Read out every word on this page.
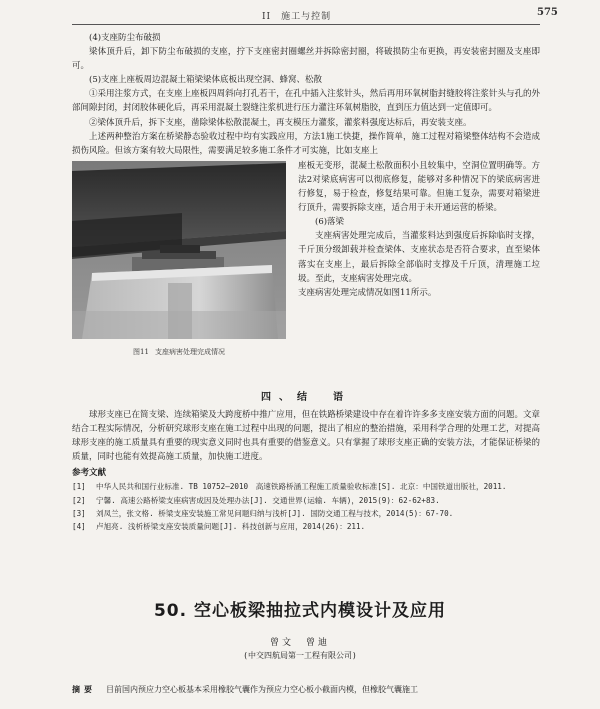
II　施工与控制	575

(4)支座防尘布破损

梁体顶升后，卸下防尘布破损的支座，拧下支座密封圈螺丝并拆除密封圈，将破损防尘布更换，再安装密封圈及支座即可。

(5)支座上座板周边混凝土箱梁梁体底板出现空洞、蜂窝、松散

①采用注浆方式，在支座上座板四周斜向打孔若干，在孔中插入注浆针头，然后再用环氧树脂封缝胶将注浆针头与孔的外部间隙封闭，封闭胶体硬化后，再采用混凝土裂缝注浆机进行压力灌注环氧树脂胶，直到压力值达到一定值即可。

②梁体顶升后，拆下支座，凿除梁体松散混凝土，再支模压力灌浆，灌浆料强度达标后，再安装支座。

上述两种整治方案在桥梁静态验收过程中均有实践应用，方法1施工快捷，操作简单，施工过程对箱梁整体结构不会造成损伤风险。但该方案有较大局限性，需要满足较多施工条件才可实施，比如支座上

图11 支座病害处理完成情况

座板无变形，混凝土松散面积小且较集中，空洞位置明确等。方法2对梁底病害可以彻底修复，能够对多种情况下的梁底病害进行修复，易于检查，修复结果可靠。但施工复杂，需要对箱梁进行顶升，需要拆除支座，适合用于未开通运营的桥梁。

(6)落梁

支座病害处理完成后，当灌浆料达到强度后拆除临时支撑，千斤顶分级卸载并检查梁体、支座状态是否符合要求，直至梁体落实在支座上，最后拆除全部临时支撑及千斤顶，清理施工垃圾。至此，支座病害处理完成。

支座病害处理完成情况如图11所示。

四、结　语

球形支座已在简支梁、连续箱梁及大跨度桥中推广应用，但在铁路桥梁建设中存在着许许多多支座安装方面的问题。文章结合工程实际情况，分析研究球形支座在施工过程中出现的问题，提出了相应的整治措施，采用科学合理的处理工艺，对提高球形支座的施工质量具有重要的现实意义同时也具有重要的借鉴意义。只有掌握了球形支座正确的安装方法，才能保证桥梁的质量，同时也能有效提高施工质量，加快施工进度。

参考文献

[1] 中华人民共和国行业标准. TB 10752—2010　高速铁路桥涵工程施工质量验收标准[S]. 北京：中国铁道出版社，2011.

[2] 宁馨. 高速公路桥梁支座病害成因及处理办法[J]. 交通世界(运输. 车辆)，2015(9)：62-62+83.

[3] 刘凤兰，张文格. 桥梁支座安装施工常见问题归纳与浅析[J]. 国防交通工程与技术，2014(5)：67-70.

[4] 卢旭亮. 浅析桥梁支座安装质量问题[J]. 科技创新与应用，2014(26)：211.

50. 空心板梁抽拉式内模设计及应用
曾文　曾迪
(中交四航局第一工程有限公司)
摘要 目前国内预应力空心板基本采用橡胶气囊作为预应力空心板小截面内模，但橡胶气囊施工
